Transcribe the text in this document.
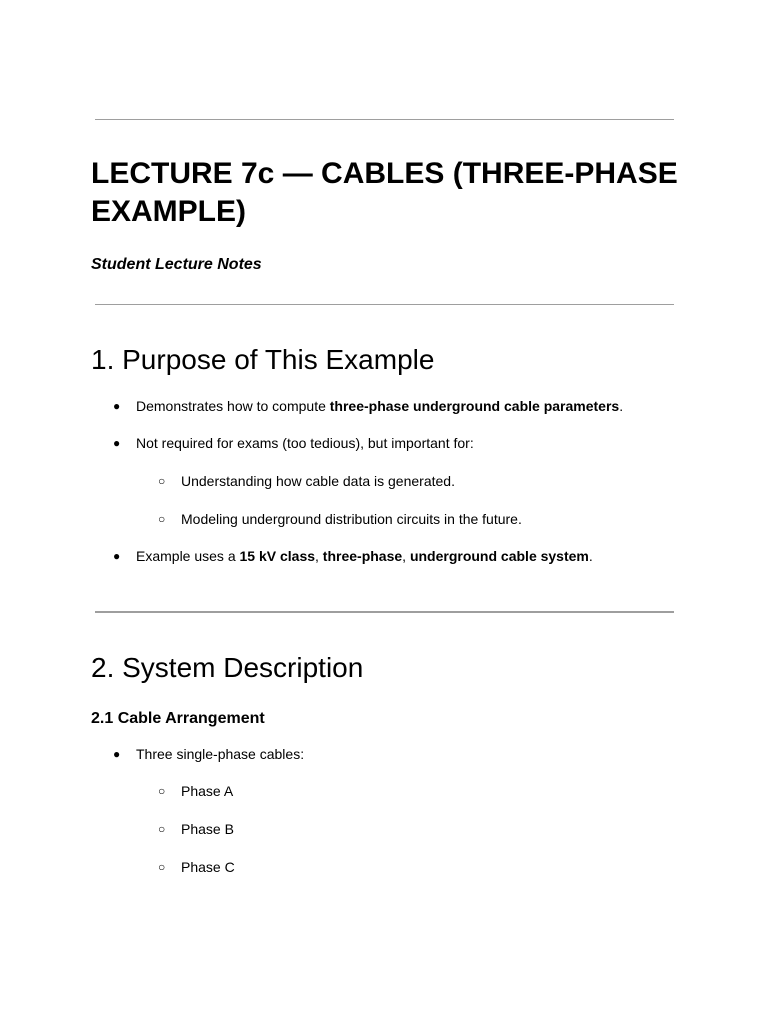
LECTURE 7c — CABLES (THREE-PHASE EXAMPLE)

Student Lecture Notes

1. Purpose of This Example
● Demonstrates how to compute three-phase underground cable parameters.
● Not required for exams (too tedious), but important for:
○ Understanding how cable data is generated.
○ Modeling underground distribution circuits in the future.
● Example uses a 15 kV class, three-phase, underground cable system.
2. System Description
2.1 Cable Arrangement
● Three single-phase cables:
○ Phase A
○ Phase B
○ Phase C
